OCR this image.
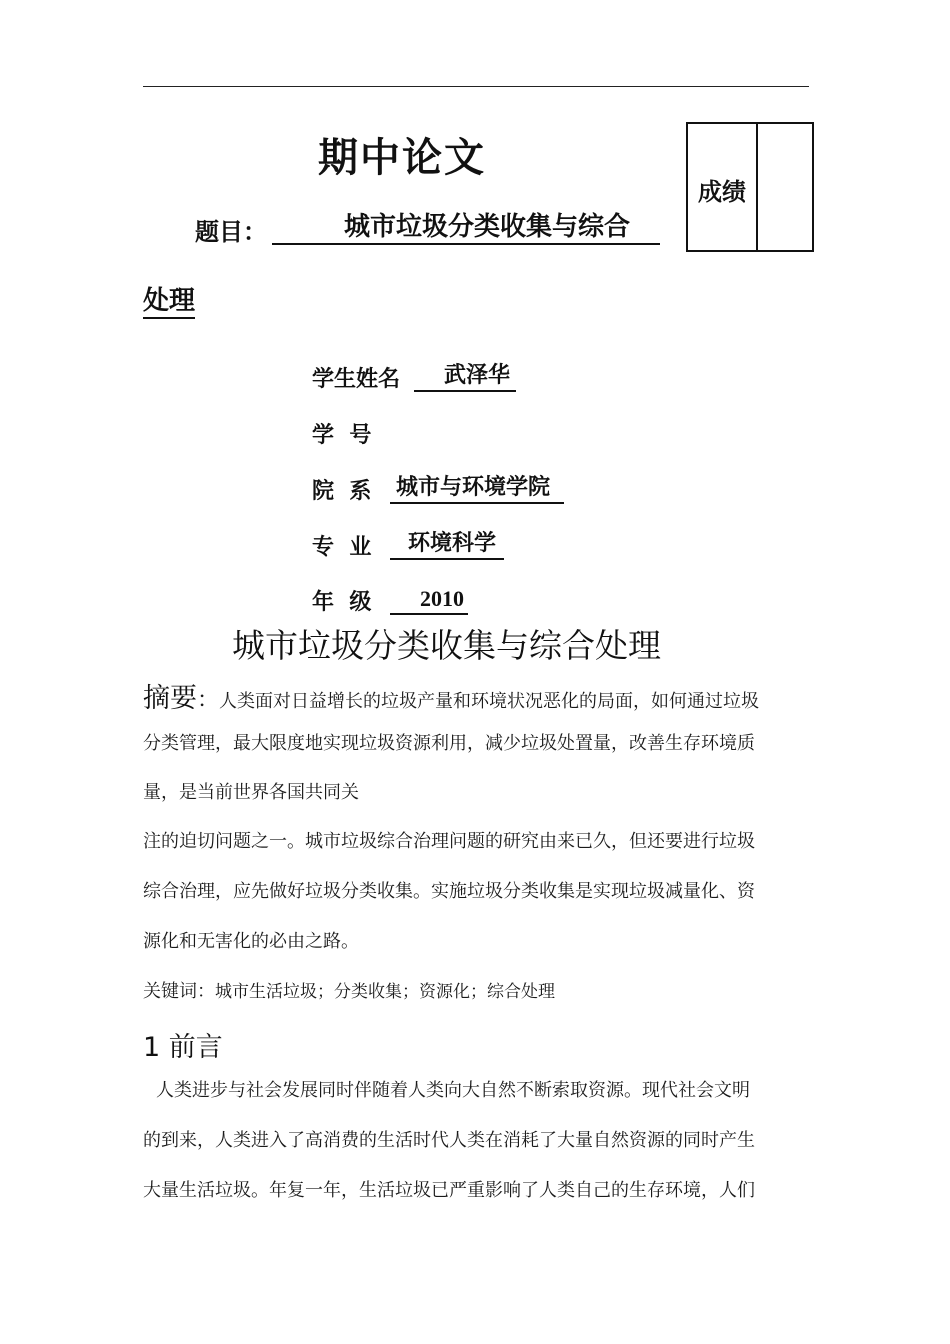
期中论文
成绩
题目：	城市垃圾分类收集与综合
处理
学生姓名	武泽华
学  号
院  系 城市与环境学院
专  业	环境科学
年  级	2010
城市垃圾分类收集与综合处理
摘要：人类面对日益增长的垃圾产量和环境状况恶化的局面，如何通过垃圾
分类管理，最大限度地实现垃圾资源利用，减少垃圾处置量，改善生存环境质
量，是当前世界各国共同关
注的迫切问题之一。城市垃圾综合治理问题的研究由来已久，但还要进行垃圾
综合治理，应先做好垃圾分类收集。实施垃圾分类收集是实现垃圾减量化、资
源化和无害化的必由之路。
关键词：城市生活垃圾；分类收集；资源化；综合处理
1 前言
人类进步与社会发展同时伴随着人类向大自然不断索取资源。现代社会文明
的到来，人类进入了高消费的生活时代人类在消耗了大量自然资源的同时产生
大量生活垃圾。年复一年，生活垃圾已严重影响了人类自己的生存环境，人们
